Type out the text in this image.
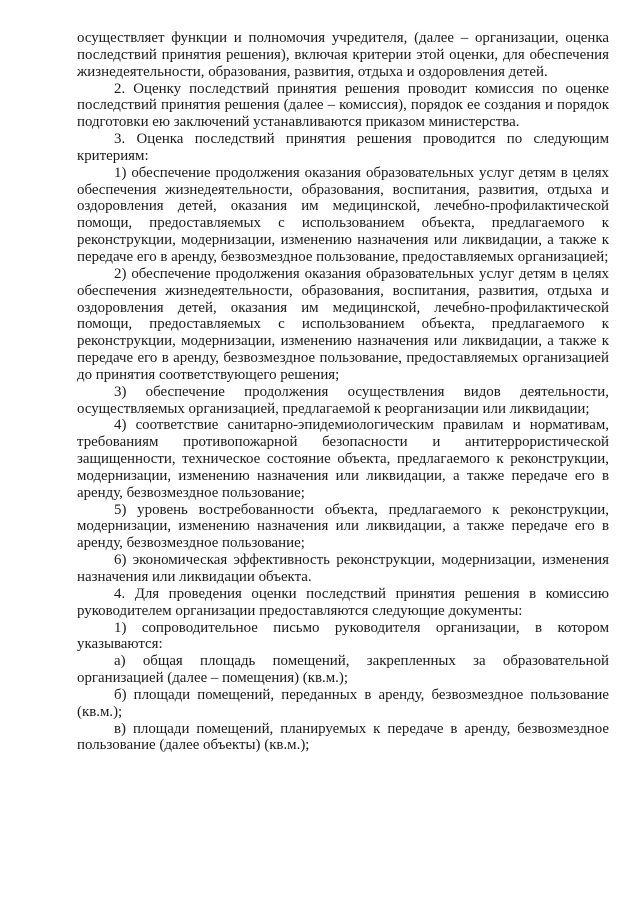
осуществляет функции и полномочия учредителя, (далее – организации, оценка последствий принятия решения), включая критерии этой оценки, для обеспечения жизнедеятельности, образования, развития, отдыха и оздоровления детей.

2. Оценку последствий принятия решения проводит комиссия по оценке последствий принятия решения (далее – комиссия), порядок ее создания и порядок подготовки ею заключений устанавливаются приказом министерства.

3. Оценка последствий принятия решения проводится по следующим критериям:

1) обеспечение продолжения оказания образовательных услуг детям в целях обеспечения жизнедеятельности, образования, воспитания, развития, отдыха и оздоровления детей, оказания им медицинской, лечебно-профилактической помощи, предоставляемых с использованием объекта, предлагаемого к реконструкции, модернизации, изменению назначения или ликвидации, а также к передаче его в аренду, безвозмездное пользование, предоставляемых организацией;

2) обеспечение продолжения оказания образовательных услуг детям в целях обеспечения жизнедеятельности, образования, воспитания, развития, отдыха и оздоровления детей, оказания им медицинской, лечебно-профилактической помощи, предоставляемых с использованием объекта, предлагаемого к реконструкции, модернизации, изменению назначения или ликвидации, а также к передаче его в аренду, безвозмездное пользование, предоставляемых организацией до принятия соответствующего решения;

3) обеспечение продолжения осуществления видов деятельности, осуществляемых организацией, предлагаемой к реорганизации или ликвидации;

4) соответствие санитарно-эпидемиологическим правилам и нормативам, требованиям противопожарной безопасности и антитеррористической защищенности, техническое состояние объекта, предлагаемого к реконструкции, модернизации, изменению назначения или ликвидации, а также передаче его в аренду, безвозмездное пользование;

5) уровень востребованности объекта, предлагаемого к реконструкции, модернизации, изменению назначения или ликвидации, а также передаче его в аренду, безвозмездное пользование;

6) экономическая эффективность реконструкции, модернизации, изменения назначения или ликвидации объекта.

4. Для проведения оценки последствий принятия решения в комиссию руководителем организации предоставляются следующие документы:

1) сопроводительное письмо руководителя организации, в котором указываются:

а) общая площадь помещений, закрепленных за образовательной организацией (далее – помещения) (кв.м.);

б) площади помещений, переданных в аренду, безвозмездное пользование (кв.м.);

в) площади помещений, планируемых к передаче в аренду, безвозмездное пользование (далее объекты) (кв.м.);
